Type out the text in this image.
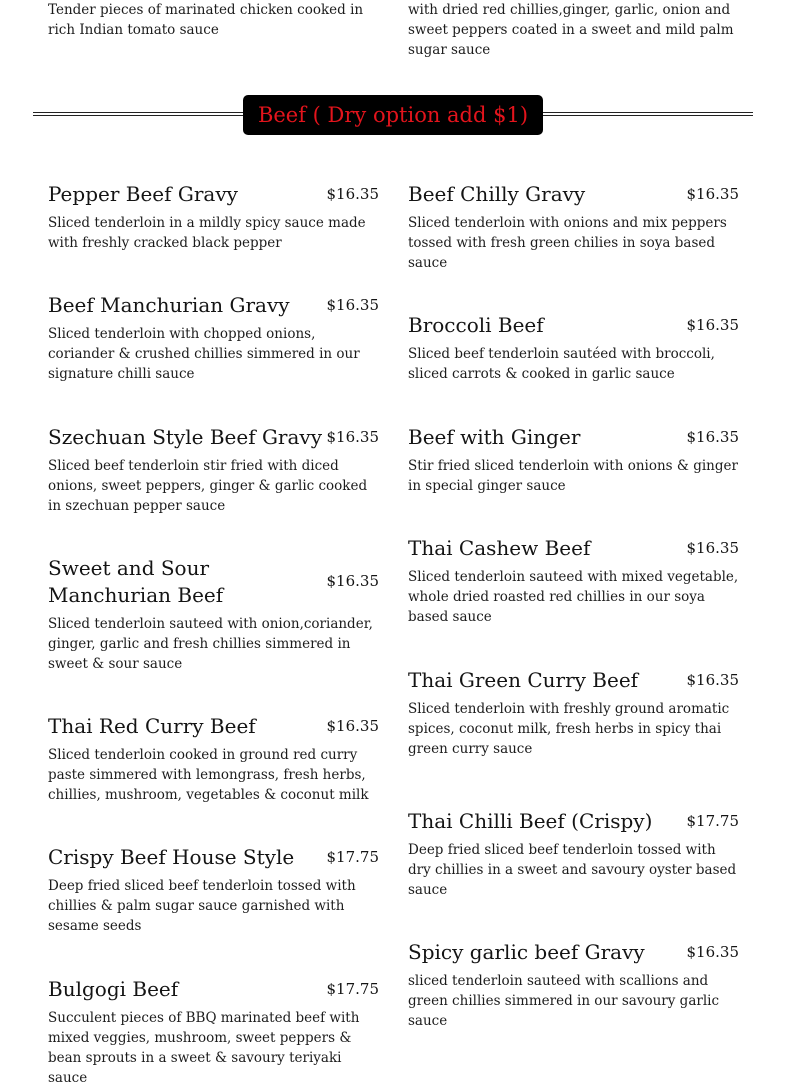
Tender pieces of marinated chicken cooked in rich Indian tomato sauce
with dried red chillies,ginger, garlic, onion and sweet peppers coated in a sweet and mild palm sugar sauce
Beef ( Dry option add $1)
Pepper Beef Gravy	$16.35
Sliced tenderloin in a mildly spicy sauce made with freshly cracked black pepper
Beef Manchurian Gravy	$16.35
Sliced tenderloin with chopped onions, coriander & crushed chillies simmered in our signature chilli sauce
Szechuan Style Beef Gravy $16.35
Sliced beef tenderloin stir fried with diced onions, sweet peppers, ginger & garlic cooked in szechuan pepper sauce
Sweet and Sour Manchurian Beef
$16.35
Sliced tenderloin sauteed with onion,coriander, ginger, garlic and fresh chillies simmered in sweet & sour sauce
Thai Red Curry Beef	$16.35
Sliced tenderloin cooked in ground red curry paste simmered with lemongrass, fresh herbs, chillies, mushroom, vegetables & coconut milk
Crispy Beef House Style	$17.75
Deep fried sliced beef tenderloin tossed with chillies & palm sugar sauce garnished with sesame seeds
Bulgogi Beef	$17.75
Succulent pieces of BBQ marinated beef with mixed veggies, mushroom, sweet peppers & bean sprouts in a sweet & savoury teriyaki sauce
Beef Chilly Gravy	$16.35
Sliced tenderloin with onions and mix peppers tossed with fresh green chilies in soya based sauce
Broccoli Beef	$16.35
Sliced beef tenderloin sautéed with broccoli, sliced carrots & cooked in garlic sauce
Beef with Ginger	$16.35
Stir fried sliced tenderloin with onions & ginger in special ginger sauce
Thai Cashew Beef	$16.35
Sliced tenderloin sauteed with mixed vegetable, whole dried roasted red chillies in our soya based sauce
Thai Green Curry Beef	$16.35
Sliced tenderloin with freshly ground aromatic spices, coconut milk, fresh herbs in spicy thai green curry sauce
Thai Chilli Beef (Crispy)	$17.75
Deep fried sliced beef tenderloin tossed with dry chillies in a sweet and savoury oyster based sauce
Spicy garlic beef Gravy	$16.35
sliced tenderloin sauteed with scallions and green chillies simmered in our savoury garlic sauce
